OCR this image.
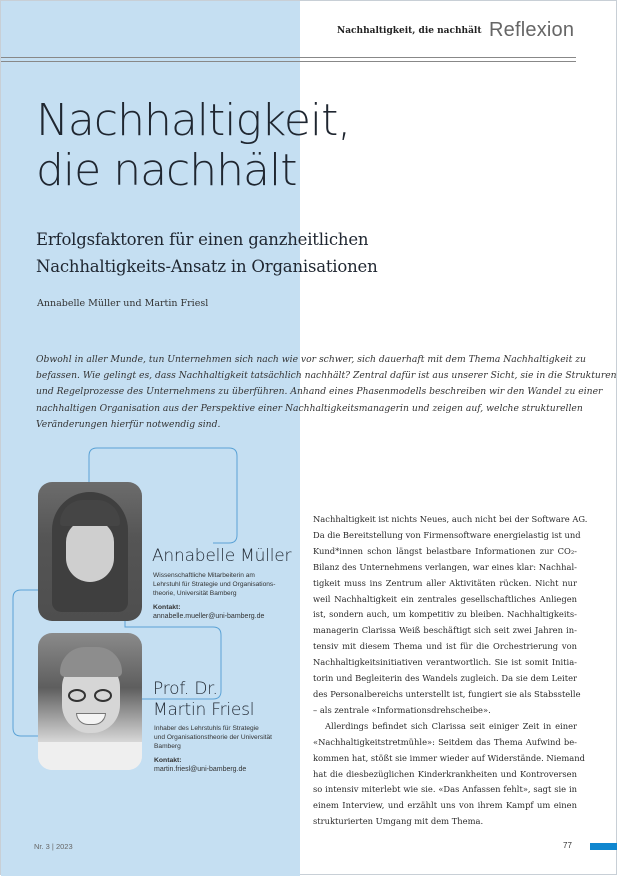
Nachhaltigkeit, die nachhält Reflexion
Nachhaltigkeit,
die nachhält
Erfolgsfaktoren für einen ganzheitlichen
Nachhaltigkeits-Ansatz in Organisationen
Annabelle Müller und Martin Friesl
Obwohl in aller Munde, tun Unternehmen sich nach wie vor schwer, sich dauerhaft mit dem Thema Nachhaltigkeit zu
befassen. Wie gelingt es, dass Nachhaltigkeit tatsächlich nachhält? Zentral dafür ist aus unserer Sicht, sie in die Strukturen
und Regelprozesse des Unternehmens zu überführen. Anhand eines Phasenmodells beschreiben wir den Wandel zu einer
nachhaltigen Organisation aus der Perspektive einer Nachhaltigkeitsmanagerin und zeigen auf, welche strukturellen
Veränderungen hierfür notwendig sind.
Annabelle Müller
Wissenschaftliche Mitarbeiterin am
Lehrstuhl für Strategie und Organisations-
theorie, Universität Bamberg
Kontakt:
annabelle.mueller@uni-bamberg.de
Prof. Dr.
Martin Friesl
Inhaber des Lehrstuhls für Strategie
und Organisationstheorie der Universität
Bamberg
Kontakt:
martin.friesl@uni-bamberg.de
Nachhaltigkeit ist nichts Neues, auch nicht bei der Software AG.
Da die Bereitstellung von Firmensoftware energielastig ist und
Kund*innen schon längst belastbare Informationen zur CO₂-
Bilanz des Unternehmens verlangen, war eines klar: Nachhal-
tigkeit muss ins Zentrum aller Aktivitäten rücken. Nicht nur
weil Nachhaltigkeit ein zentrales gesellschaftliches Anliegen
ist, sondern auch, um kompetitiv zu bleiben. Nachhaltigkeits-
managerin Clarissa Weiß beschäftigt sich seit zwei Jahren in-
tensiv mit diesem Thema und ist für die Orchestrierung von
Nachhaltigkeitsinitiativen verantwortlich. Sie ist somit Initia-
torin und Begleiterin des Wandels zugleich. Da sie dem Leiter
des Personalbereichs unterstellt ist, fungiert sie als Stabsstelle
– als zentrale «Informationsdrehscheibe».
Allerdings befindet sich Clarissa seit einiger Zeit in einer
«Nachhaltigkeitstretmühle»: Seitdem das Thema Aufwind be-
kommen hat, stößt sie immer wieder auf Widerstände. Niemand
hat die diesbezüglichen Kinderkrankheiten und Kontroversen
so intensiv miterlebt wie sie. «Das Anfassen fehlt», sagt sie in
einem Interview, und erzählt uns von ihrem Kampf um einen
strukturierten Umgang mit dem Thema.
Nr. 3 | 2023	77
